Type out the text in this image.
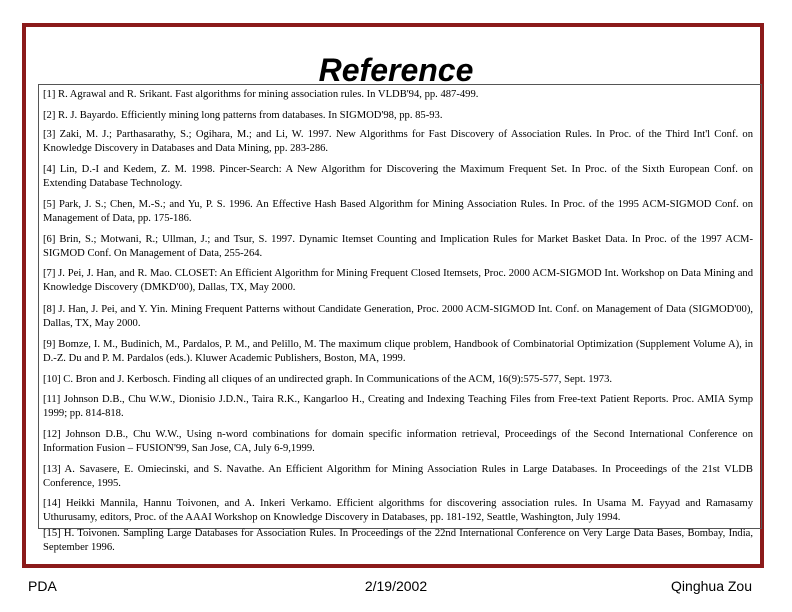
Reference
[1] R. Agrawal and R. Srikant. Fast algorithms for mining association rules. In VLDB'94, pp. 487-499.
[2] R. J. Bayardo. Efficiently mining long patterns from databases. In SIGMOD'98, pp. 85-93.
[3] Zaki, M. J.; Parthasarathy, S.; Ogihara, M.; and Li, W. 1997. New Algorithms for Fast Discovery of Association Rules. In Proc. of the Third Int'l Conf. on Knowledge Discovery in Databases and Data Mining, pp. 283-286.
[4] Lin, D.-I and Kedem, Z. M. 1998. Pincer-Search: A New Algorithm for Discovering the Maximum Frequent Set. In Proc. of the Sixth European Conf. on Extending Database Technology.
[5] Park, J. S.; Chen, M.-S.; and Yu, P. S. 1996. An Effective Hash Based Algorithm for Mining Association Rules. In Proc. of the 1995 ACM-SIGMOD Conf. on Management of Data, pp. 175-186.
[6] Brin, S.; Motwani, R.; Ullman, J.; and Tsur, S. 1997. Dynamic Itemset Counting and Implication Rules for Market Basket Data. In Proc. of the 1997 ACM-SIGMOD Conf. On Management of Data, 255-264.
[7] J. Pei, J. Han, and R. Mao. CLOSET: An Efficient Algorithm for Mining Frequent Closed Itemsets, Proc. 2000 ACM-SIGMOD Int. Workshop on Data Mining and Knowledge Discovery (DMKD'00), Dallas, TX, May 2000.
[8] J. Han, J. Pei, and Y. Yin. Mining Frequent Patterns without Candidate Generation, Proc. 2000 ACM-SIGMOD Int. Conf. on Management of Data (SIGMOD'00), Dallas, TX, May 2000.
[9] Bomze, I. M., Budinich, M., Pardalos, P. M., and Pelillo, M. The maximum clique problem, Handbook of Combinatorial Optimization (Supplement Volume A), in D.-Z. Du and P. M. Pardalos (eds.). Kluwer Academic Publishers, Boston, MA, 1999.
[10] C. Bron and J. Kerbosch. Finding all cliques of an undirected graph. In Communications of the ACM, 16(9):575-577, Sept. 1973.
[11] Johnson D.B., Chu W.W., Dionisio J.D.N., Taira R.K., Kangarloo H., Creating and Indexing Teaching Files from Free-text Patient Reports. Proc. AMIA Symp 1999; pp. 814-818.
[12] Johnson D.B., Chu W.W., Using n-word combinations for domain specific information retrieval, Proceedings of the Second International Conference on Information Fusion – FUSION'99, San Jose, CA, July 6-9,1999.
[13] A. Savasere, E. Omiecinski, and S. Navathe. An Efficient Algorithm for Mining Association Rules in Large Databases. In Proceedings of the 21st VLDB Conference, 1995.
[14] Heikki Mannila, Hannu Toivonen, and A. Inkeri Verkamo. Efficient algorithms for discovering association rules. In Usama M. Fayyad and Ramasamy Uthurusamy, editors, Proc. of the AAAI Workshop on Knowledge Discovery in Databases, pp. 181-192, Seattle, Washington, July 1994.
[15] H. Toivonen. Sampling Large Databases for Association Rules. In Proceedings of the 22nd International Conference on Very Large Data Bases, Bombay, India, September 1996.
PDA	2/19/2002	Qinghua Zou
